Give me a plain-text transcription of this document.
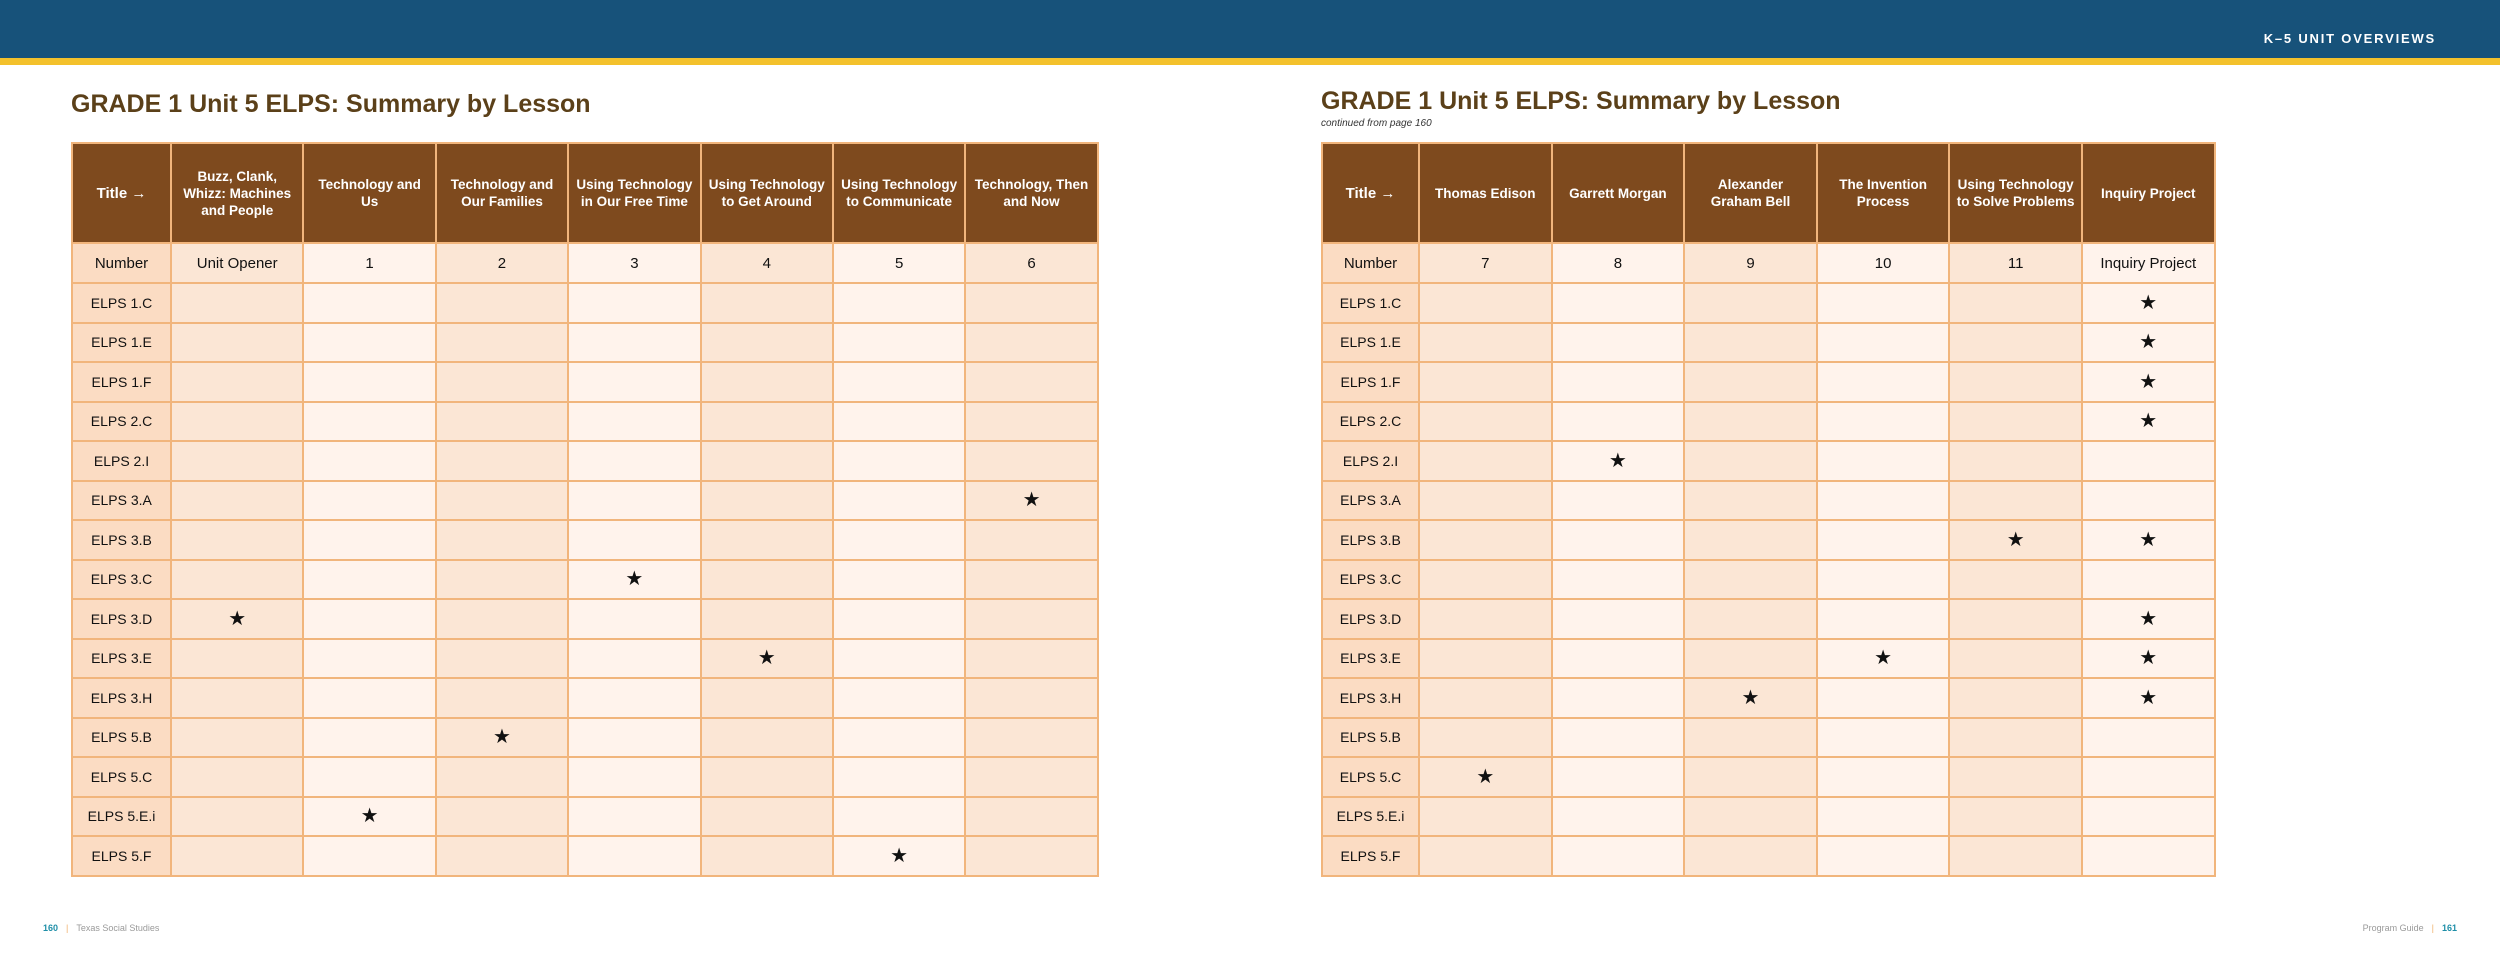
K–5 UNIT OVERVIEWS
GRADE 1 Unit 5 ELPS: Summary by Lesson
Title →	Buzz, Clank, Whizz: Machines and People	Technology and Us	Technology and Our Families	Using Technology in Our Free Time	Using Technology to Get Around	Using Technology to Communicate	Technology, Then and Now
Number	Unit Opener	1	2	3	4	5	6
ELPS 1.C							
ELPS 1.E							
ELPS 1.F							
ELPS 2.C							
ELPS 2.I							
ELPS 3.A							★
ELPS 3.B							
ELPS 3.C				★			
ELPS 3.D	★						
ELPS 3.E					★		
ELPS 3.H							
ELPS 5.B			★				
ELPS 5.C							
ELPS 5.E.i		★					
ELPS 5.F						★	
160 | Texas Social Studies
GRADE 1 Unit 5 ELPS: Summary by Lesson
continued from page 160
Title →	Thomas Edison	Garrett Morgan	Alexander Graham Bell	The Invention Process	Using Technology to Solve Problems	Inquiry Project
Number	7	8	9	10	11	Inquiry Project
ELPS 1.C						★
ELPS 1.E						★
ELPS 1.F						★
ELPS 2.C						★
ELPS 2.I		★				
ELPS 3.A						
ELPS 3.B					★	★
ELPS 3.C						
ELPS 3.D						★
ELPS 3.E				★		★
ELPS 3.H			★			★
ELPS 5.B						
ELPS 5.C	★					
ELPS 5.E.i						
ELPS 5.F						
Program Guide | 161
